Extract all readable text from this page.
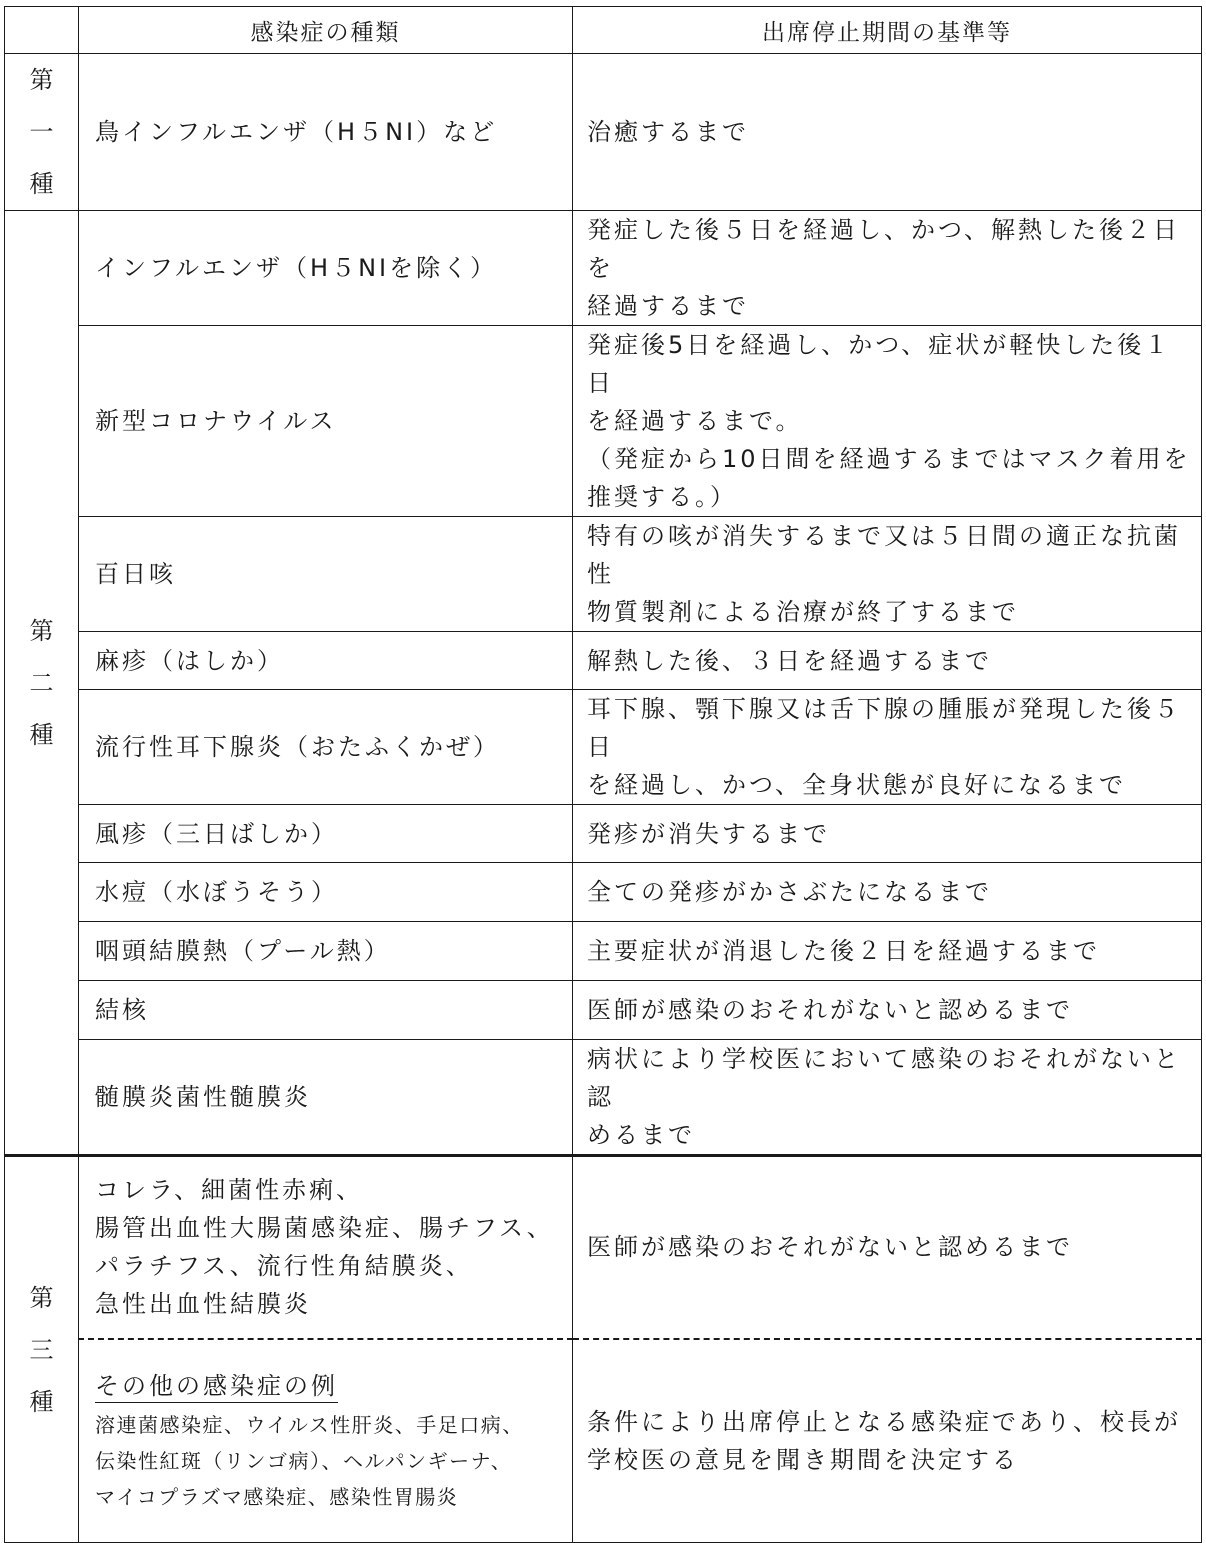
	感染症の種類	出席停止期間の基準等

第
一
種	鳥インフルエンザ（H５NI）など	治癒するまで

第
二
種	インフルエンザ（H５NIを除く）	発症した後５日を経過し、かつ、解熱した後２日を
経過するまで

	新型コロナウイルス	発症後5日を経過し、かつ、症状が軽快した後１日
を経過するまで。
（発症から10日間を経過するまではマスク着用を
推奨する。）

	百日咳	特有の咳が消失するまで又は５日間の適正な抗菌性
物質製剤による治療が終了するまで

	麻疹（はしか）	解熱した後、３日を経過するまで

	流行性耳下腺炎（おたふくかぜ）	耳下腺、顎下腺又は舌下腺の腫脹が発現した後５日
を経過し、かつ、全身状態が良好になるまで

	風疹（三日ばしか）	発疹が消失するまで

	水痘（水ぼうそう）	全ての発疹がかさぶたになるまで

	咽頭結膜熱（プール熱）	主要症状が消退した後２日を経過するまで

	結核	医師が感染のおそれがないと認めるまで

	髄膜炎菌性髄膜炎	病状により学校医において感染のおそれがないと認
めるまで

第
三
種	コレラ、細菌性赤痢、
腸管出血性大腸菌感染症、腸チフス、
パラチフス、流行性角結膜炎、
急性出血性結膜炎	医師が感染のおそれがないと認めるまで
	その他の感染症の例
溶連菌感染症、ウイルス性肝炎、手足口病、
伝染性紅斑（リンゴ病）、ヘルパンギーナ、
マイコプラズマ感染症、感染性胃腸炎	条件により出席停止となる感染症であり、校長が
学校医の意見を聞き期間を決定する
